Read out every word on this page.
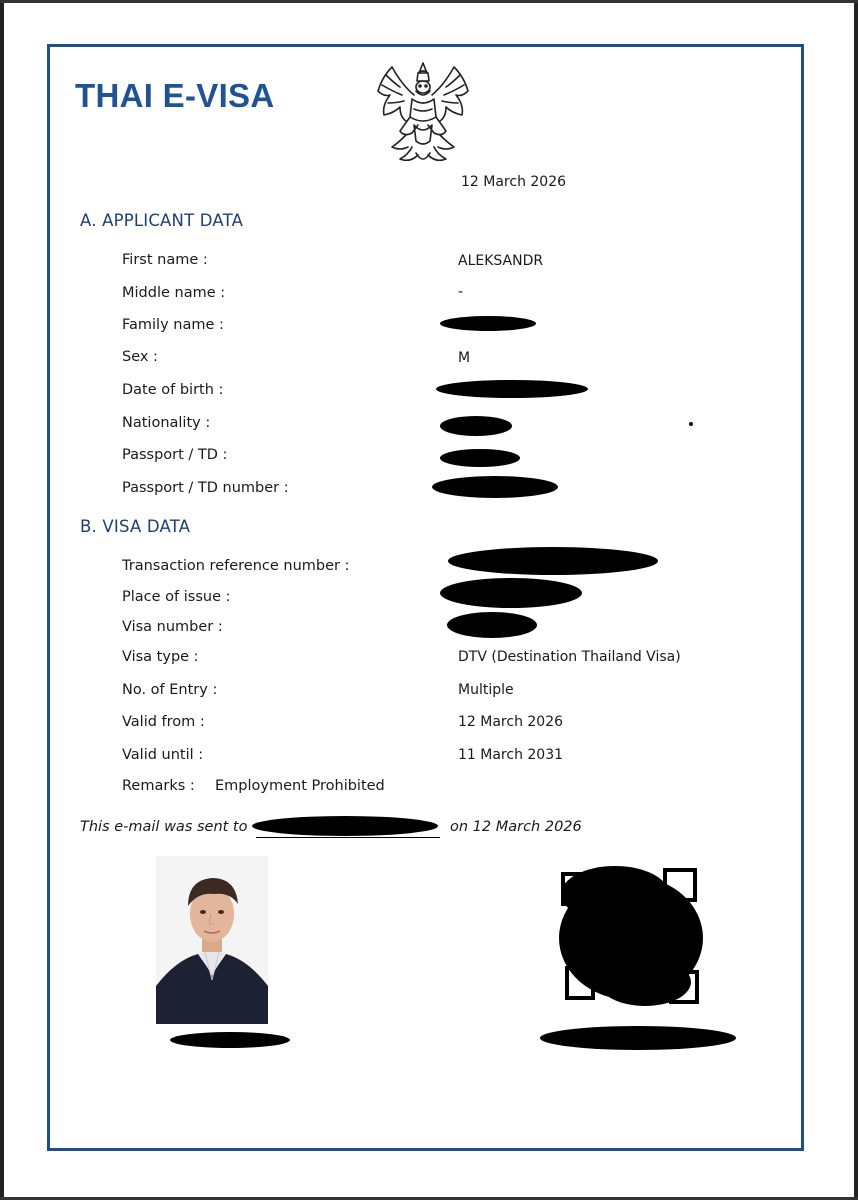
THAI E-VISA
12 March 2026
A. APPLICANT DATA
First name :	ALEKSANDR
Middle name :	-
Family name :
Sex :	M
Date of birth :
Nationality :
Passport / TD :
Passport / TD number :
B. VISA DATA
Transaction reference number :
Place of issue :
Visa number :
Visa type :	DTV (Destination Thailand Visa)
No. of Entry :	Multiple
Valid from :	12 March 2026
Valid until :	11 March 2031
Remarks : Employment Prohibited
This e-mail was sent to	on 12 March 2026
